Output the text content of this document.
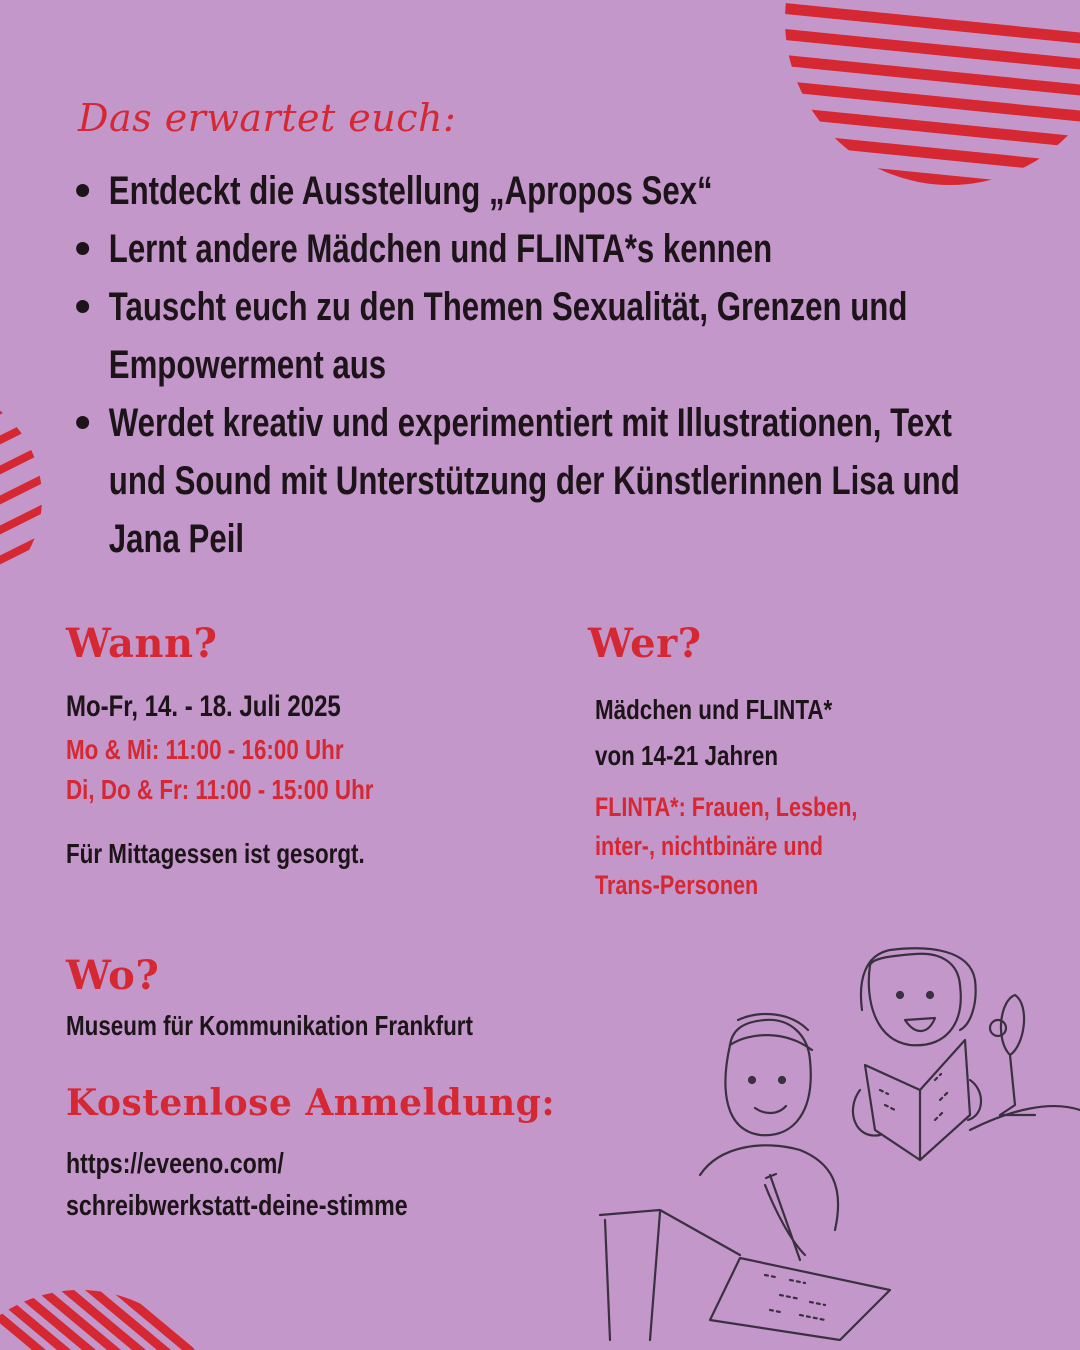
Das erwartet euch:
Entdeckt die Ausstellung „Apropos Sex“
Lernt andere Mädchen und FLINTA*s kennen
Tauscht euch zu den Themen Sexualität, Grenzen und Empowerment aus
Werdet kreativ und experimentiert mit Illustrationen, Text und Sound mit Unterstützung der Künstlerinnen Lisa und Jana Peil
Wann?
Mo-Fr, 14. - 18. Juli 2025
Mo & Mi: 11:00 - 16:00 Uhr
Di, Do & Fr: 11:00 - 15:00 Uhr
Für Mittagessen ist gesorgt.
Wer?
Mädchen und FLINTA*
von 14-21 Jahren
FLINTA*: Frauen, Lesben,
inter-, nichtbinäre und
Trans-Personen
Wo?
Museum für Kommunikation Frankfurt
Kostenlose Anmeldung:
https://eveeno.com/
schreibwerkstatt-deine-stimme
